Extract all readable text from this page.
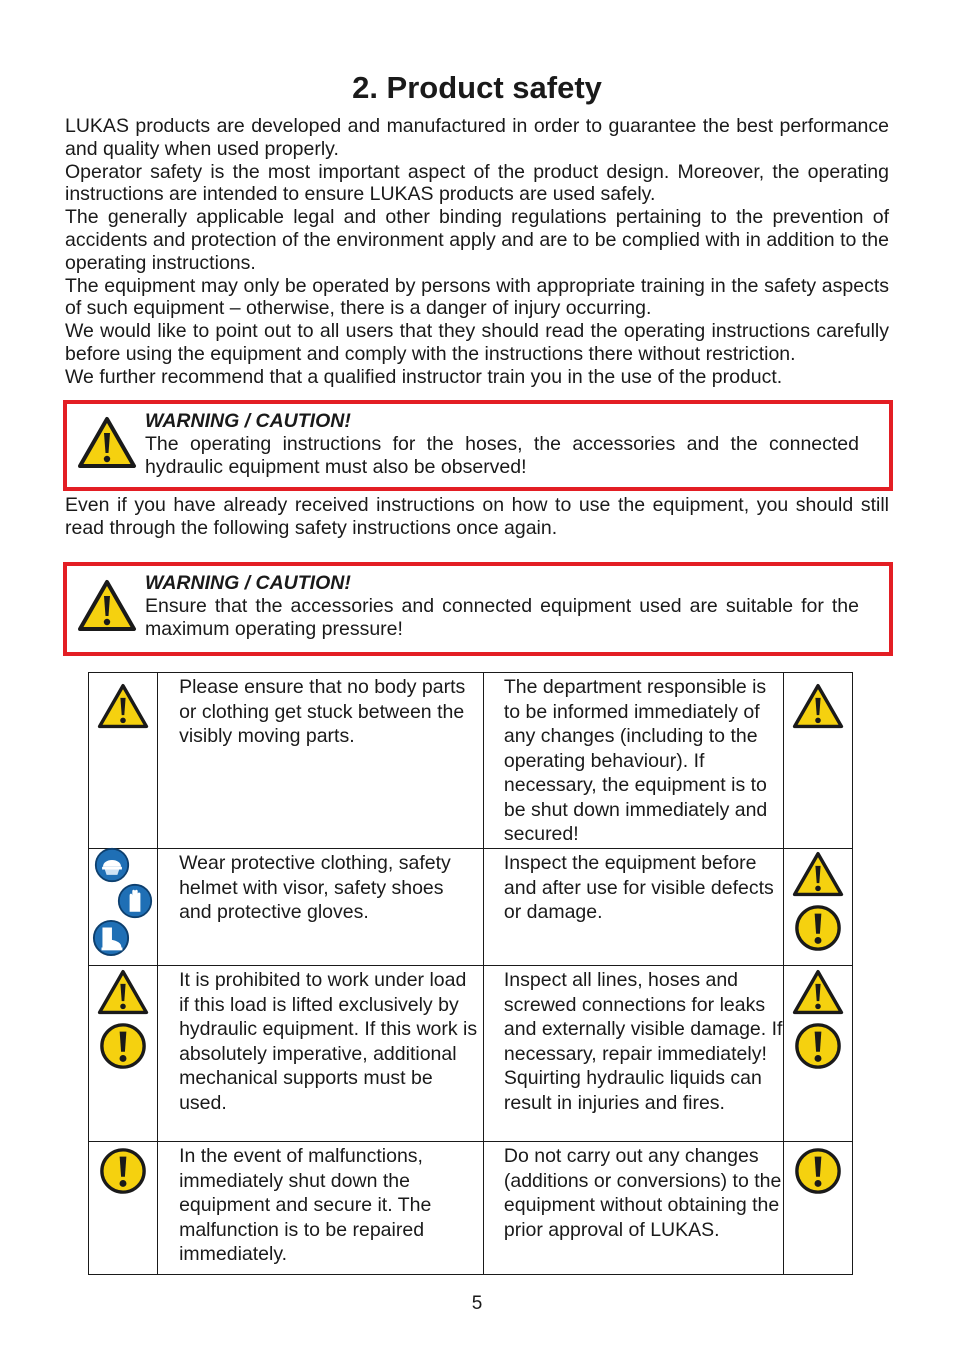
2. Product safety

LUKAS products are developed and manufactured in order to guarantee the best performance and quality when used properly.

Operator safety is the most important aspect of the product design. Moreover, the operating instructions are intended to ensure LUKAS products are used safely.

The generally applicable legal and other binding regulations pertaining to the prevention of accidents and protection of the environment apply and are to be complied with in addition to the operating instructions.

The equipment may only be operated by persons with appropriate training in the safety aspects of such equipment – otherwise, there is a danger of injury occurring.

We would like to point out to all users that they should read the operating instructions carefully before using the equipment and comply with the instructions there without restriction.

We further recommend that a qualified instructor train you in the use of the product.

WARNING / CAUTION!
The operating instructions for the hoses, the accessories and the connected hydraulic equipment must also be observed!
Even if you have already received instructions on how to use the equipment, you should still read through the following safety instructions once again.
WARNING / CAUTION!
Ensure that the accessories and connected equipment used are suitable for the maximum operating pressure!
	Please ensure that no body parts or clothing get stuck between the visibly moving parts.	The department responsible is to be informed immediately of any changes (including to the operating behaviour). If necessary, the equipment is to be shut down immediately and secured!	

	Wear protective clothing, safety helmet with visor, safety shoes and protective gloves.	Inspect the equipment before and after use for visible defects or damage.	

	It is prohibited to work under load if this load is lifted exclusively by hydraulic equipment. If this work is absolutely imperative, additional mechanical supports must be used.	Inspect all lines, hoses and screwed connections for leaks and externally visible damage. If necessary, repair immediately! Squirting hydraulic liquids can result in injuries and fires.	

	In the event of malfunctions, immediately shut down the equipment and secure it. The malfunction is to be repaired immediately.	Do not carry out any changes (additions or conversions) to the equipment without obtaining the prior approval of LUKAS.	
5
